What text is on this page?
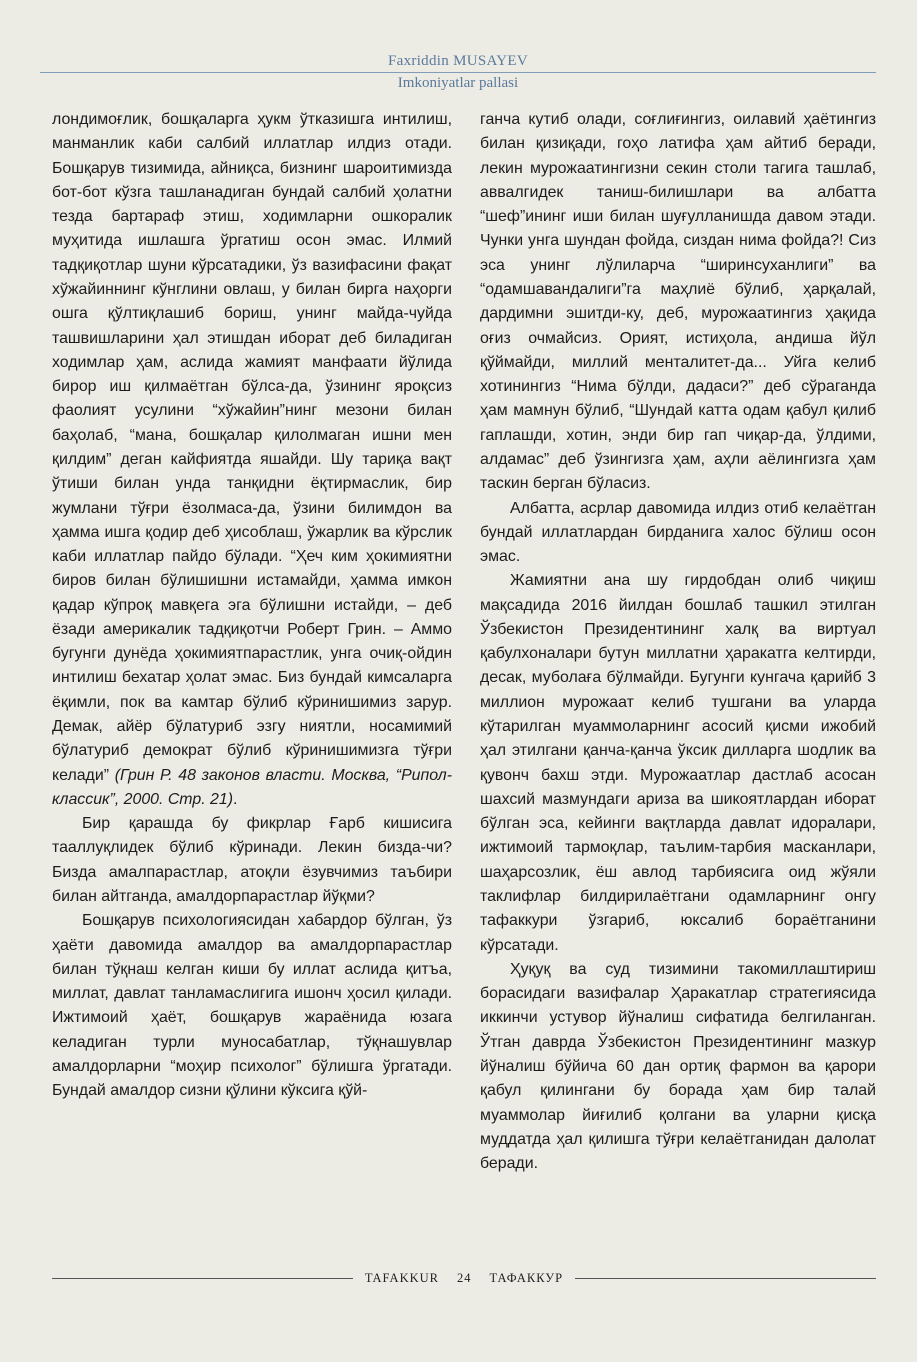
Faxriddin MUSAYEV
Imkoniyatlar pallasi

лондимоғлик, бошқаларга ҳукм ўтказишга интилиш, манманлик каби салбий иллатлар илдиз отади. Бошқарув тизимида, айниқса, бизнинг шароитимизда бот-бот кўзга ташланадиган бундай салбий ҳолатни тезда бартараф этиш, ходимларни ошкоралик муҳитида ишлашга ўргатиш осон эмас. Илмий тадқиқотлар шуни кўрсатадики, ўз вазифасини фақат хўжайиннинг кўнглини овлаш, у билан бирга наҳорги ошга қўлтиқлашиб бориш, унинг майда-чуйда ташвишларини ҳал этишдан иборат деб биладиган ходимлар ҳам, аслида жамият манфаати йўлида бирор иш қилмаётган бўлса-да, ўзининг яроқсиз фаолият усулини “хўжайин”нинг мезони билан баҳолаб, “мана, бошқалар қилолмаган ишни мен қилдим” деган кайфиятда яшайди. Шу тариқа вақт ўтиши билан унда танқидни ёқтирмаслик, бир жумлани тўғри ёзолмаса-да, ўзини билимдон ва ҳамма ишга қодир деб ҳисоблаш, ўжарлик ва кўрслик каби иллатлар пайдо бўлади. “Ҳеч ким ҳокимиятни биров билан бўлишишни истамайди, ҳамма имкон қадар кўпроқ мавқега эга бўлишни истайди, – деб ёзади америкалик тадқиқотчи Роберт Грин. – Аммо бугунги дунёда ҳокимиятпарастлик, унга очиқ-ойдин интилиш бехатар ҳолат эмас. Биз бундай кимсаларга ёқимли, пок ва камтар бўлиб кўринишимиз зарур. Демак, айёр бўлатуриб эзгу ниятли, носамимий бўлатуриб демократ бўлиб кўринишимизга тўғри келади” (Грин Р. 48 законов власти. Москва, “Рипол-классик”, 2000. Стр. 21).

Бир қарашда бу фикрлар Ғарб кишисига тааллуқлидек бўлиб кўринади. Лекин бизда-чи? Бизда амалпарастлар, атоқли ёзувчимиз таъбири билан айтганда, амалдорпарастлар йўқми?

Бошқарув психологиясидан хабардор бўлган, ўз ҳаёти давомида амалдор ва амалдорпарастлар билан тўқнаш келган киши бу иллат аслида қитъа, миллат, давлат танламаслигига ишонч ҳосил қилади. Ижтимоий ҳаёт, бошқарув жараёнида юзага келадиган турли муносабатлар, тўқнашувлар амалдорларни “моҳир психолог” бўлишга ўргатади. Бундай амалдор сизни қўлини кўксига қўй-

ганча кутиб олади, соғлиғингиз, оилавий ҳаётингиз билан қизиқади, гоҳо латифа ҳам айтиб беради, лекин мурожаатингизни секин столи тагига ташлаб, аввалгидек таниш-билишлари ва албатта “шеф”ининг иши билан шуғулланишда давом этади. Чунки унга шундан фойда, сиздан нима фойда?! Сиз эса унинг лўлиларча “ширинсуханлиги” ва “одамшавандалиги”га маҳлиё бўлиб, ҳарқалай, дардимни эшитди-ку, деб, мурожаатингиз ҳақида оғиз очмайсиз. Орият, истиҳола, андиша йўл қўймайди, миллий менталитет-да... Уйга келиб хотинингиз “Нима бўлди, дадаси?” деб сўраганда ҳам мамнун бўлиб, “Шундай катта одам қабул қилиб гаплашди, хотин, энди бир гап чиқар-да, ўлдими, алдамас” деб ўзингизга ҳам, аҳли аёлингизга ҳам таскин берган бўласиз.

Албатта, асрлар давомида илдиз отиб келаётган бундай иллатлардан бирданига халос бўлиш осон эмас.

Жамиятни ана шу гирдобдан олиб чиқиш мақсадида 2016 йилдан бошлаб ташкил этилган Ўзбекистон Президентининг халқ ва виртуал қабулхоналари бутун миллатни ҳаракатга келтирди, десак, муболаға бўлмайди. Бугунги кунгача қарийб 3 миллион мурожаат келиб тушгани ва уларда кўтарилган муаммоларнинг асосий қисми ижобий ҳал этилгани қанча-қанча ўксик дилларга шодлик ва қувонч бахш этди. Мурожаатлар дастлаб асосан шахсий мазмундаги ариза ва шикоятлардан иборат бўлган эса, кейинги вақтларда давлат идоралари, ижтимоий тармоқлар, таълим-тарбия масканлари, шаҳарсозлик, ёш авлод тарбиясига оид жўяли таклифлар билдирилаётгани одамларнинг онгу тафаккури ўзгариб, юксалиб бораётганини кўрсатади.

Ҳуқуқ ва суд тизимини такомиллаштириш борасидаги вазифалар Ҳаракатлар стратегиясида иккинчи устувор йўналиш сифатида белгиланган. Ўтган даврда Ўзбекистон Президентининг мазкур йўналиш бўйича 60 дан ортиқ фармон ва қарори қабул қилингани бу борада ҳам бир талай муаммолар йиғилиб қолгани ва уларни қисқа муддатда ҳал қилишга тўғри келаётганидан далолат беради.

TAFAKKUR 24 ТАФАККУР
